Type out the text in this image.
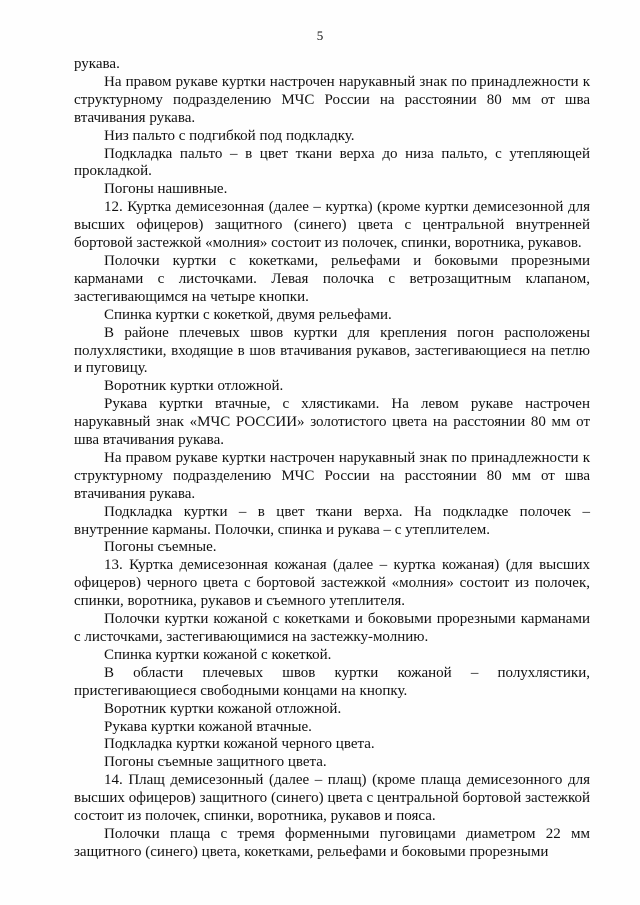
5

рукава.

На правом рукаве куртки настрочен нарукавный знак по принадлежности к структурному подразделению МЧС России на расстоянии 80 мм от шва втачивания рукава.

Низ пальто с подгибкой под подкладку.

Подкладка пальто – в цвет ткани верха до низа пальто, с утепляющей прокладкой.

Погоны нашивные.

12. Куртка демисезонная (далее – куртка) (кроме куртки демисезонной для высших офицеров) защитного (синего) цвета с центральной внутренней бортовой застежкой «молния» состоит из полочек, спинки, воротника, рукавов.

Полочки куртки с кокетками, рельефами и боковыми прорезными карманами с листочками. Левая полочка с ветрозащитным клапаном, застегивающимся на четыре кнопки.

Спинка куртки с кокеткой, двумя рельефами.

В районе плечевых швов куртки для крепления погон расположены полухлястики, входящие в шов втачивания рукавов, застегивающиеся на петлю и пуговицу.

Воротник куртки отложной.

Рукава куртки втачные, с хлястиками. На левом рукаве настрочен нарукавный знак «МЧС РОССИИ» золотистого цвета на расстоянии 80 мм от шва втачивания рукава.

На правом рукаве куртки настрочен нарукавный знак по принадлежности к структурному подразделению МЧС России на расстоянии 80 мм от шва втачивания рукава.

Подкладка куртки – в цвет ткани верха. На подкладке полочек – внутренние карманы. Полочки, спинка и рукава – с утеплителем.

Погоны съемные.

13. Куртка демисезонная кожаная (далее – куртка кожаная) (для высших офицеров) черного цвета с бортовой застежкой «молния» состоит из полочек, спинки, воротника, рукавов и съемного утеплителя.

Полочки куртки кожаной с кокетками и боковыми прорезными карманами с листочками, застегивающимися на застежку-молнию.

Спинка куртки кожаной с кокеткой.

В области плечевых швов куртки кожаной – полухлястики, пристегивающиеся свободными концами на кнопку.

Воротник куртки кожаной отложной.

Рукава куртки кожаной втачные.

Подкладка куртки кожаной черного цвета.

Погоны съемные защитного цвета.

14. Плащ демисезонный (далее – плащ) (кроме плаща демисезонного для высших офицеров) защитного (синего) цвета с центральной бортовой застежкой состоит из полочек, спинки, воротника, рукавов и пояса.

Полочки плаща с тремя форменными пуговицами диаметром 22 мм защитного (синего) цвета, кокетками, рельефами и боковыми прорезными
